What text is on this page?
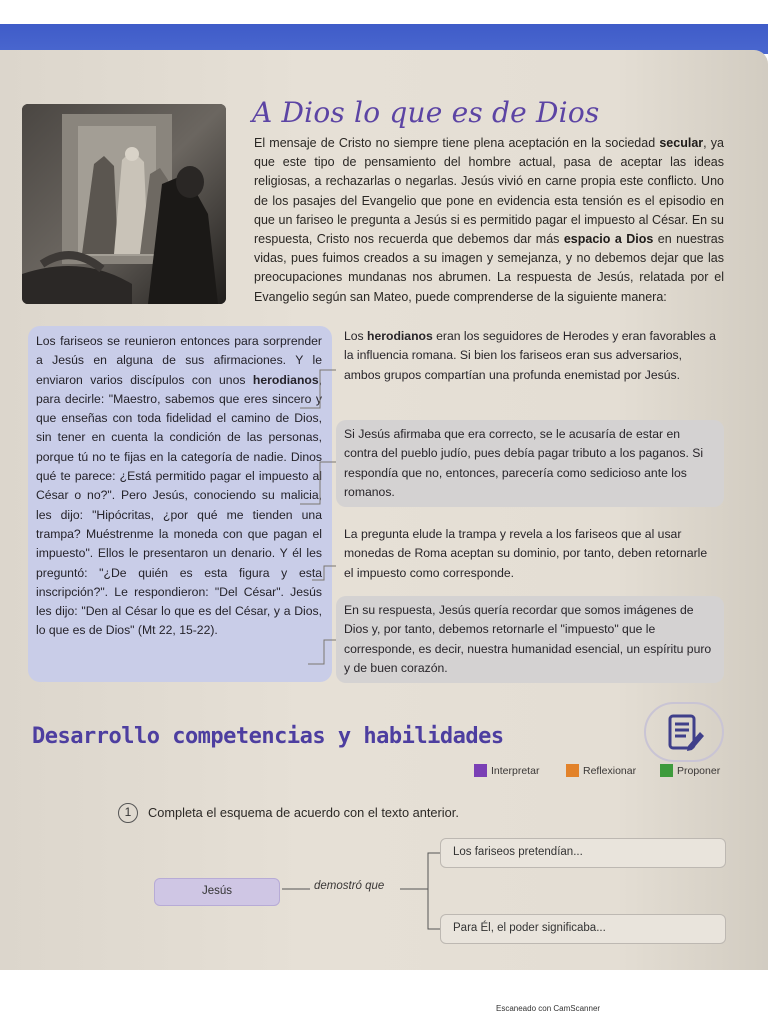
A Dios lo que es de Dios
El mensaje de Cristo no siempre tiene plena aceptación en la sociedad secular, ya que este tipo de pensamiento del hombre actual, pasa de aceptar las ideas religiosas, a rechazarlas o negarlas. Jesús vivió en carne propia este conflicto. Uno de los pasajes del Evangelio que pone en evidencia esta tensión es el episodio en que un fariseo le pregunta a Jesús si es permitido pagar el impuesto al César. En su respuesta, Cristo nos recuerda que debemos dar más espacio a Dios en nuestras vidas, pues fuimos creados a su imagen y semejanza, y no debemos dejar que las preocupaciones mundanas nos abrumen. La respuesta de Jesús, relatada por el Evangelio según san Mateo, puede comprenderse de la siguiente manera:
Los fariseos se reunieron entonces para sorprender a Jesús en alguna de sus afirmaciones. Y le enviaron varios discípulos con unos herodianos, para decirle: "Maestro, sabemos que eres sincero y que enseñas con toda fidelidad el camino de Dios, sin tener en cuenta la condición de las personas, porque tú no te fijas en la categoría de nadie. Dinos qué te parece: ¿Está permitido pagar el impuesto al César o no?". Pero Jesús, conociendo su malicia, les dijo: "Hipócritas, ¿por qué me tienden una trampa? Muéstrenme la moneda con que pagan el impuesto". Ellos le presentaron un denario. Y él les preguntó: "¿De quién es esta figura y esta inscripción?". Le respondieron: "Del César". Jesús les dijo: "Den al César lo que es del César, y a Dios, lo que es de Dios" (Mt 22, 15-22).
Los herodianos eran los seguidores de Herodes y eran favorables a la influencia romana. Si bien los fariseos eran sus adversarios, ambos grupos compartían una profunda enemistad por Jesús.
Si Jesús afirmaba que era correcto, se le acusaría de estar en contra del pueblo judío, pues debía pagar tributo a los paganos. Si respondía que no, entonces, parecería como sedicioso ante los romanos.
La pregunta elude la trampa y revela a los fariseos que al usar monedas de Roma aceptan su dominio, por tanto, deben retornarle el impuesto como corresponde.
En su respuesta, Jesús quería recordar que somos imágenes de Dios y, por tanto, debemos retornarle el "impuesto" que le corresponde, es decir, nuestra humanidad esencial, un espíritu puro y de buen corazón.
Desarrollo competencias y habilidades
Interpretar	Reflexionar	Proponer
1	Completa el esquema de acuerdo con el texto anterior.
Jesús	demostró que
Los fariseos pretendían...
Para Él, el poder significaba...
Escaneado con CamScanner
